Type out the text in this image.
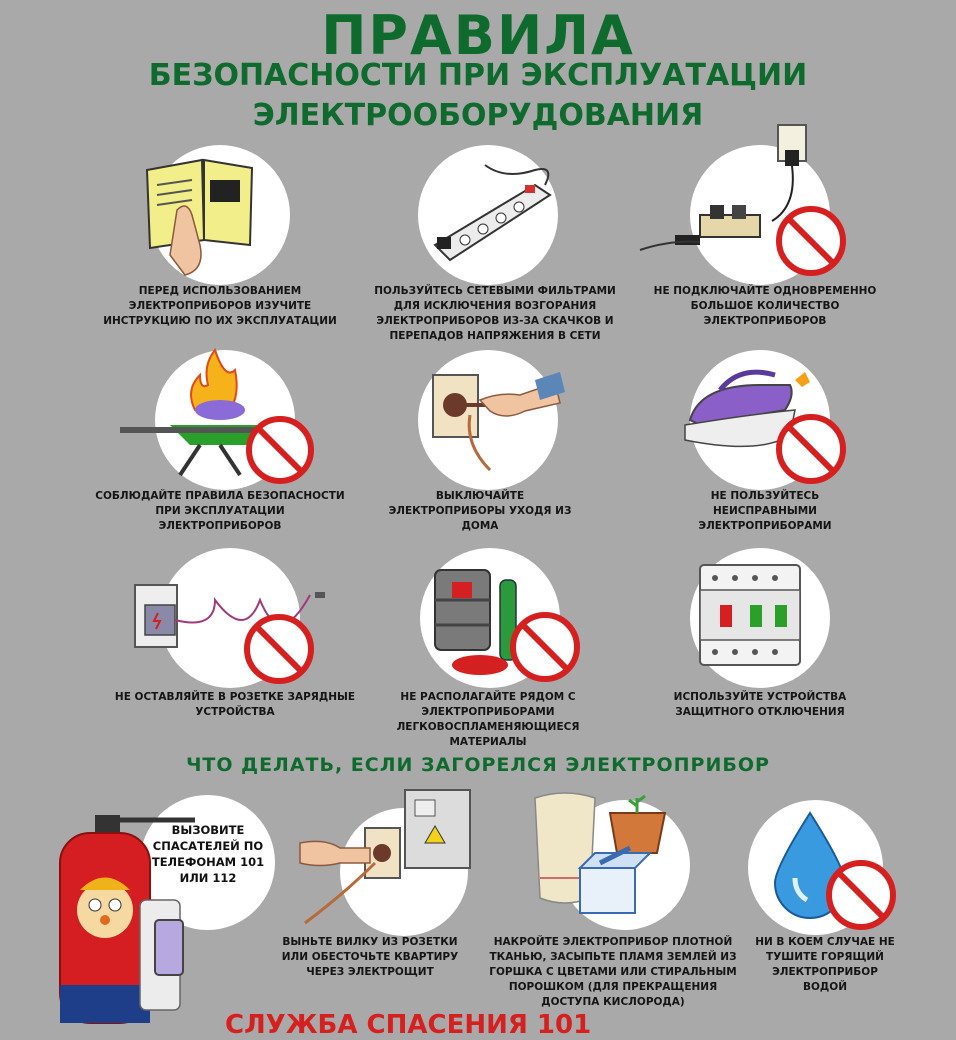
ПРАВИЛА
БЕЗОПАСНОСТИ ПРИ ЭКСПЛУАТАЦИИ
ЭЛЕКТРООБОРУДОВАНИЯ
ПЕРЕД ИСПОЛЬЗОВАНИЕМ ЭЛЕКТРОПРИБОРОВ ИЗУЧИТЕ ИНСТРУКЦИЮ ПО ИХ ЭКСПЛУАТАЦИИ
ПОЛЬЗУЙТЕСЬ СЕТЕВЫМИ ФИЛЬТРАМИ ДЛЯ ИСКЛЮЧЕНИЯ ВОЗГОРАНИЯ ЭЛЕКТРОПРИБОРОВ ИЗ-ЗА СКАЧКОВ И ПЕРЕПАДОВ НАПРЯЖЕНИЯ В СЕТИ
НЕ ПОДКЛЮЧАЙТЕ ОДНОВРЕМЕННО БОЛЬШОЕ КОЛИЧЕСТВО ЭЛЕКТРОПРИБОРОВ
СОБЛЮДАЙТЕ ПРАВИЛА БЕЗОПАСНОСТИ ПРИ ЭКСПЛУАТАЦИИ ЭЛЕКТРОПРИБОРОВ
ВЫКЛЮЧАЙТЕ ЭЛЕКТРОПРИБОРЫ УХОДЯ ИЗ ДОМА
НЕ ПОЛЬЗУЙТЕСЬ НЕИСПРАВНЫМИ ЭЛЕКТРОПРИБОРАМИ
НЕ ОСТАВЛЯЙТЕ В РОЗЕТКЕ ЗАРЯДНЫЕ УСТРОЙСТВА
НЕ РАСПОЛАГАЙТЕ РЯДОМ С ЭЛЕКТРОПРИБОРАМИ ЛЕГКОВОСПЛАМЕНЯЮЩИЕСЯ МАТЕРИАЛЫ
ИСПОЛЬЗУЙТЕ УСТРОЙСТВА ЗАЩИТНОГО ОТКЛЮЧЕНИЯ
ЧТО ДЕЛАТЬ, ЕСЛИ ЗАГОРЕЛСЯ ЭЛЕКТРОПРИБОР
ВЫЗОВИТЕ СПАСАТЕЛЕЙ ПО ТЕЛЕФОНАМ 101 ИЛИ 112
ВЫНЬТЕ ВИЛКУ ИЗ РОЗЕТКИ ИЛИ ОБЕСТОЧЬТЕ КВАРТИРУ ЧЕРЕЗ ЭЛЕКТРОЩИТ
НАКРОЙТЕ ЭЛЕКТРОПРИБОР ПЛОТНОЙ ТКАНЬЮ, ЗАСЫПЬТЕ ПЛАМЯ ЗЕМЛЕЙ ИЗ ГОРШКА С ЦВЕТАМИ ИЛИ СТИРАЛЬНЫМ ПОРОШКОМ (ДЛЯ ПРЕКРАЩЕНИЯ ДОСТУПА КИСЛОРОДА)
НИ В КОЕМ СЛУЧАЕ НЕ ТУШИТЕ ГОРЯЩИЙ ЭЛЕКТРОПРИБОР ВОДОЙ
СЛУЖБА СПАСЕНИЯ 101
